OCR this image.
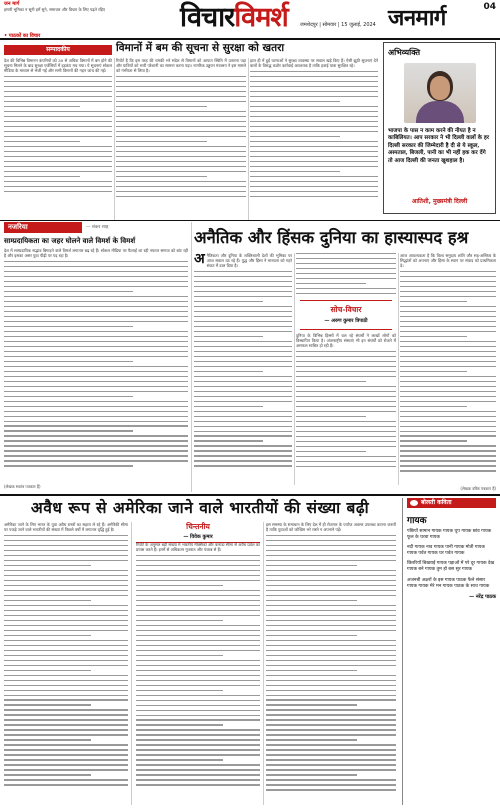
जन मार्ग
हमारी भूमिका न सूनी हमें सुने, समाचार और विचार के लिए पढ़ते रहिए	विचारविमर्श जमशेदपुर | सोमवार | 15 जुलाई, 2024 जनमार्ग	04
• पाठकों का विचार
सम्पादकीय	विमानों में बम की सूचना से सुरक्षा को खतरा

देश की विभिन्न विमानन कंपनियों को 30 से अधिक विमानों में बम होने की सूचना मिलने के बाद सुरक्षा एजेंसियों में हड़कंप मच गया। ये सूचनाएं सोशल मीडिया के माध्यम से भेजी गईं और सभी विमानों की गहन जांच की गई।

रिपोर्ट है कि इस तरह की धमकी भरे संदेश से विमानों को आपात स्थिति में उतारना पड़ा और यात्रियों को भारी परेशानी का सामना करना पड़ा। नागरिक उड्डयन मंत्रालय ने इस मामले को गंभीरता से लिया है।

हाल ही में हुई घटनाओं ने सुरक्षा व्यवस्था पर सवाल खड़े किए हैं। ऐसी झूठी सूचनाएं देने वालों के विरुद्ध कठोर कार्रवाई आवश्यक है ताकि हवाई यात्रा सुरक्षित रहे।

अभिव्यक्ति
भाजपा के पास न काम करने की नीयत है न काबिलियत। आप सरकार ने भी दिल्ली वालों के हर दिल्ली सरकार की जिम्मेदारी है दी से ये स्कूल, अस्पताल, बिजली, पानी का भी नहीं हक कर देंगे तो आज दिल्ली की जनता खुशहाल है।
आतिशी, मुख्यमंत्री दिल्ली
नजरिया	— शंकर शाह
साम्प्रदायिकता का जहर घोलने वाले विमर्श के विमर्श

देश में साम्प्रदायिक सद्भाव बिगाड़ने वाले विमर्श लगातार बढ़ रहे हैं। सोशल मीडिया पर फैलाई जा रही नफरत समाज को बांट रही है और इसका असर युवा पीढ़ी पर पड़ रहा है।

(लेखक स्वतंत्र पत्रकार हैं)
अनैतिक और हिंसक दुनिया का हास्यास्पद हश्र
अ नैतिकता और दुनिया के शक्तिशाली देशों की भूमिका पर आज सवाल उठ रहे हैं। युद्ध और हिंसा ने मानवता को गहरे संकट में डाल दिया है।

दुनिया के विभिन्न हिस्सों में चल रहे संघर्षों ने लाखों लोगों को विस्थापित किया है। अंतरराष्ट्रीय संस्थाएं भी इन संघर्षों को रोकने में असफल साबित हो रही हैं।

सोच-विचार
— अरुण कुमार त्रिपाठी

आज आवश्यकता है कि विश्व समुदाय शांति और सह-अस्तित्व के सिद्धांतों को अपनाए और हिंसा के स्थान पर संवाद को प्राथमिकता दे।

(लेखक वरिष्ठ पत्रकार हैं)
अवैध रूप से अमेरिका जाने वाले भारतीयों की संख्या बढ़ी

अमेरिका जाने के लिए भारत के युवा अवैध रास्तों का सहारा ले रहे हैं। अमेरिकी सीमा पर पकड़े जाने वाले भारतीयों की संख्या में पिछले वर्षों में लगातार वृद्धि हुई है।	चिन्तनीय
— विवेक कुमार

रिपोर्ट के अनुसार बड़ी संख्या में भारतीय मेक्सिको और कनाडा सीमा से अवैध प्रवेश का प्रयास करते हैं। इनमें से अधिकतर गुजरात और पंजाब से हैं।

इस समस्या के समाधान के लिए देश में ही रोजगार के पर्याप्त अवसर उपलब्ध कराना जरूरी है ताकि युवाओं को जोखिम भरे रास्ते न अपनाने पड़ें।

बोलती कविता
गायक

पंछियों सामान गायक गायक धूप गायक छांव गायक फूल के घरवा गायक

नदी गायक नाव गायक पानी गायक मोती गायक गायक पर्वत गायक घर पर्वत गायक

छितरियाँ बिखराई गायक पड़ाओं में परे दूर गायक देख गायक बने गायक तुम हो बस सुर गायक

अजनबी अक्षरों के इस गायक पाठक फैले संसार गायक गायक मेरे मन गायक पाठक के साथ गायक

— नरेंद्र पाठक
